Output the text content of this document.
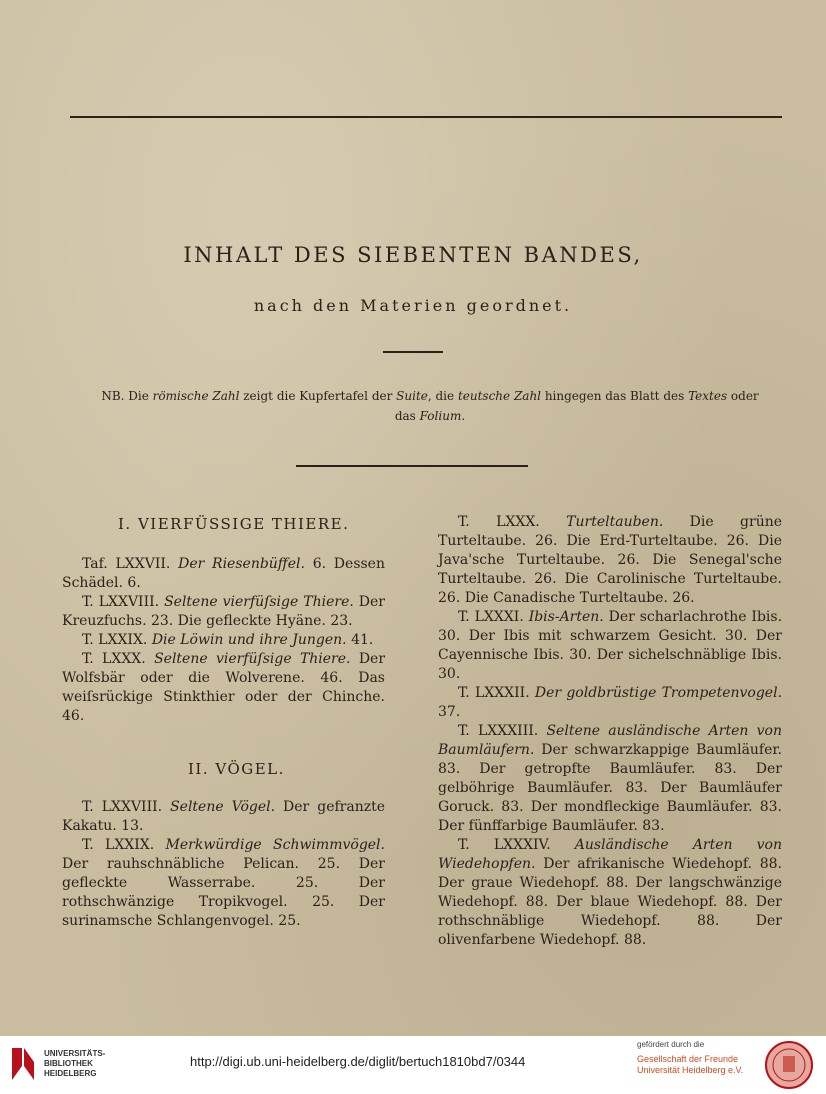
INHALT DES SIEBENTEN BANDES,
nach den Materien geordnet.
NB. Die römische Zahl zeigt die Kupfertafel der Suite, die teutsche Zahl hingegen das Blatt des Textes oder das Folium.
I. VIERFÜSSIGE THIERE.

Taf. LXXVII. Der Riesenbüffel. 6. Dessen Schädel. 6.

T. LXXVIII. Seltene vierfüſsige Thiere. Der Kreuzfuchs. 23. Die gefleckte Hyäne. 23.

T. LXXIX. Die Löwin und ihre Jungen. 41.

T. LXXX. Seltene vierfüſsige Thiere. Der Wolfsbär oder die Wolverene. 46. Das weiſsrückige Stinkthier oder der Chinche. 46.

II. VÖGEL.

T. LXXVIII. Seltene Vögel. Der gefranzte Kakatu. 13.

T. LXXIX. Merkwürdige Schwimmvögel. Der rauhschnäbliche Pelican. 25. Der gefleckte Wasserrabe. 25. Der rothschwänzige Tropikvogel. 25. Der surinamsche Schlangenvogel. 25.

T. LXXX. Turteltauben. Die grüne Turteltaube. 26. Die Erd-Turteltaube. 26. Die Java'sche Turteltaube. 26. Die Senegal'sche Turteltaube. 26. Die Carolinische Turteltaube. 26. Die Canadische Turteltaube. 26.

T. LXXXI. Ibis-Arten. Der scharlachrothe Ibis. 30. Der Ibis mit schwarzem Gesicht. 30. Der Cayennische Ibis. 30. Der sichelschnäblige Ibis. 30.

T. LXXXII. Der goldbrüstige Trompetenvogel. 37.

T. LXXXIII. Seltene ausländische Arten von Baumläufern. Der schwarzkappige Baumläufer. 83. Der getropfte Baumläufer. 83. Der gelböhrige Baumläufer. 83. Der Baumläufer Goruck. 83. Der mondfleckige Baumläufer. 83. Der fünffarbige Baumläufer. 83.

T. LXXXIV. Ausländische Arten von Wiedehopfen. Der afrikanische Wiedehopf. 88. Der graue Wiedehopf. 88. Der langschwänzige Wiedehopf. 88. Der blaue Wiedehopf. 88. Der rothschnäblige Wiedehopf. 88. Der olivenfarbene Wiedehopf. 88.

UNIVERSITÄTS-
BIBLIOTHEK
HEIDELBERG
http://digi.ub.uni-heidelberg.de/diglit/bertuch1810bd7/0344
gefördert durch die
Gesellschaft der Freunde
Universität Heidelberg e.V.
